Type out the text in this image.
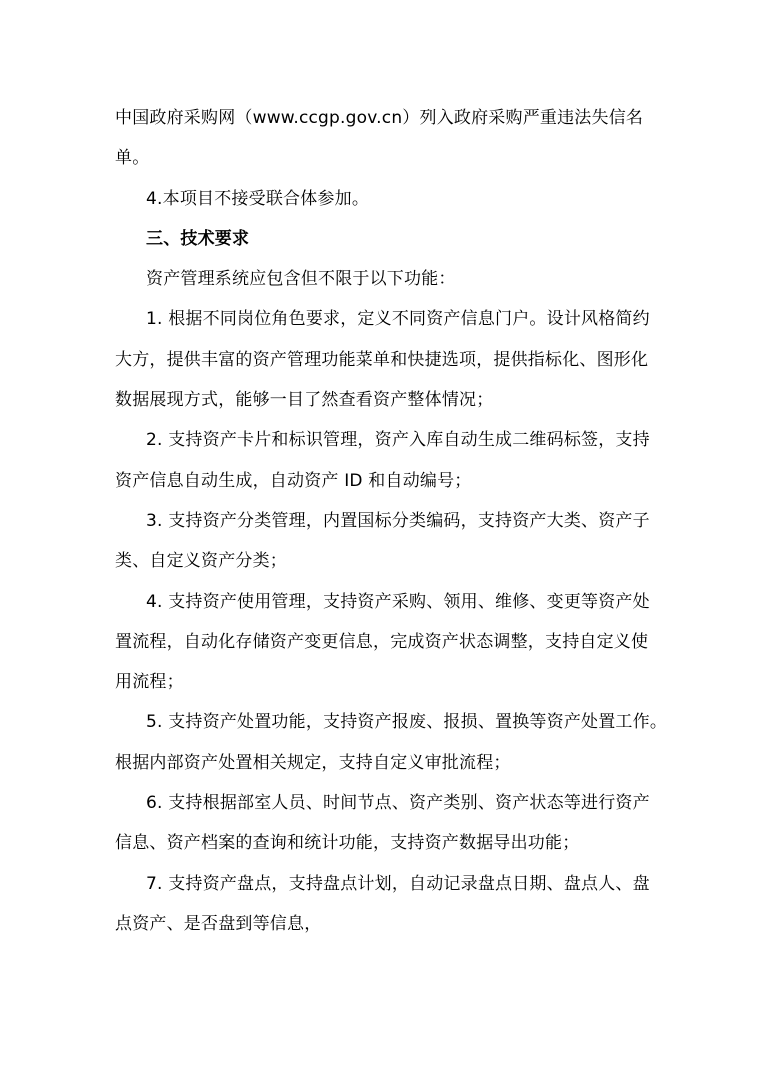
中国政府采购网（www.ccgp.gov.cn）列入政府采购严重违法失信名
单。
4.本项目不接受联合体参加。
三、技术要求
资产管理系统应包含但不限于以下功能：
1. 根据不同岗位角色要求，定义不同资产信息门户。设计风格简约
大方，提供丰富的资产管理功能菜单和快捷选项，提供指标化、图形化
数据展现方式，能够一目了然查看资产整体情况；
2. 支持资产卡片和标识管理，资产入库自动生成二维码标签，支持
资产信息自动生成，自动资产 ID 和自动编号；
3. 支持资产分类管理，内置国标分类编码，支持资产大类、资产子
类、自定义资产分类；
4. 支持资产使用管理，支持资产采购、领用、维修、变更等资产处
置流程，自动化存储资产变更信息，完成资产状态调整，支持自定义使
用流程；
5. 支持资产处置功能，支持资产报废、报损、置换等资产处置工作。
根据内部资产处置相关规定，支持自定义审批流程；
6. 支持根据部室人员、时间节点、资产类别、资产状态等进行资产
信息、资产档案的查询和统计功能，支持资产数据导出功能；
7. 支持资产盘点，支持盘点计划，自动记录盘点日期、盘点人、盘
点资产、是否盘到等信息，
